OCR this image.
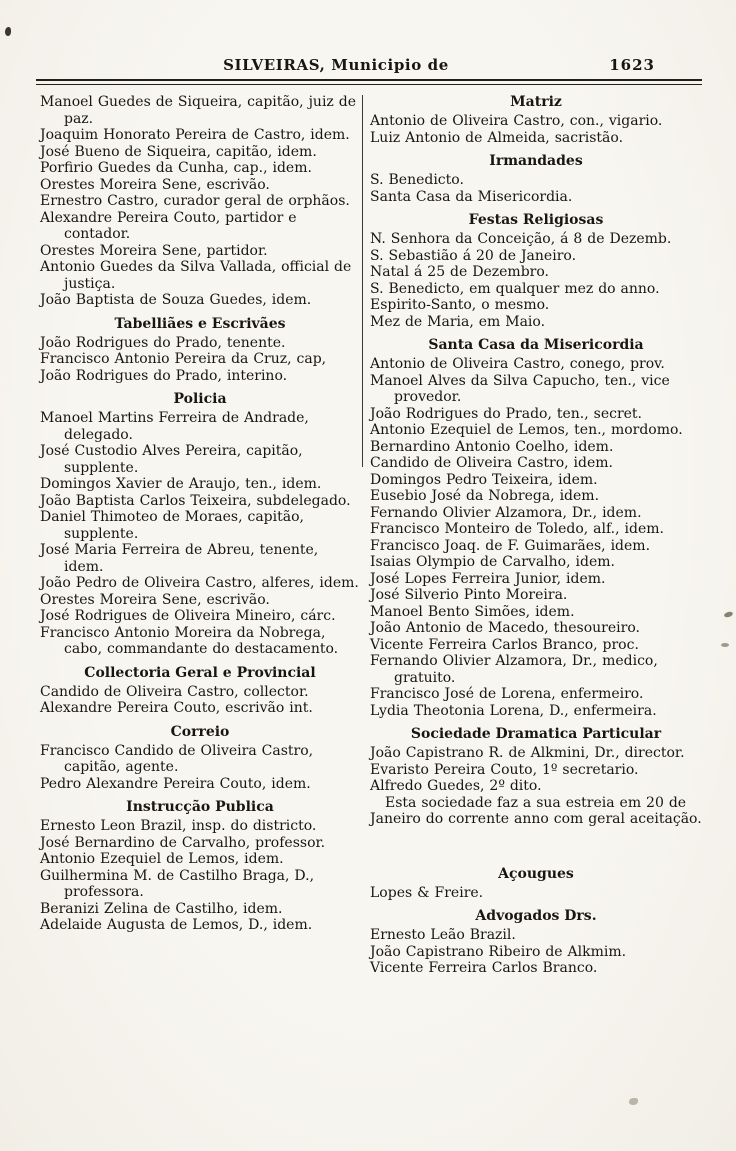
SILVEIRAS, Municipio de	1623

Manoel Guedes de Siqueira, capitão, juiz de paz.

Joaquim Honorato Pereira de Castro, idem.

José Bueno de Siqueira, capitão, idem.

Porfirio Guedes da Cunha, cap., idem.

Orestes Moreira Sene, escrivão.

Ernestro Castro, curador geral de orphãos.

Alexandre Pereira Couto, partidor e contador.

Orestes Moreira Sene, partidor.

Antonio Guedes da Silva Vallada, official de justiça.

João Baptista de Souza Guedes, idem.

Tabelliães e Escrivães

João Rodrigues do Prado, tenente.

Francisco Antonio Pereira da Cruz, cap,

João Rodrigues do Prado, interino.

Policia

Manoel Martins Ferreira de Andrade, delegado.

José Custodio Alves Pereira, capitão, supplente.

Domingos Xavier de Araujo, ten., idem.

João Baptista Carlos Teixeira, subdelegado.

Daniel Thimoteo de Moraes, capitão, supplente.

José Maria Ferreira de Abreu, tenente, idem.

João Pedro de Oliveira Castro, alferes, idem.

Orestes Moreira Sene, escrivão.

José Rodrigues de Oliveira Mineiro, cárc.

Francisco Antonio Moreira da Nobrega, cabo, commandante do destacamento.

Collectoria Geral e Provincial

Candido de Oliveira Castro, collector.

Alexandre Pereira Couto, escrivão int.

Correio

Francisco Candido de Oliveira Castro, capitão, agente.

Pedro Alexandre Pereira Couto, idem.

Instrucção Publica

Ernesto Leon Brazil, insp. do districto.

José Bernardino de Carvalho, professor.

Antonio Ezequiel de Lemos, idem.

Guilhermina M. de Castilho Braga, D., professora.

Beranizi Zelina de Castilho, idem.

Adelaide Augusta de Lemos, D., idem.

Matriz

Antonio de Oliveira Castro, con., vigario.

Luiz Antonio de Almeida, sacristão.

Irmandades

S. Benedicto.

Santa Casa da Misericordia.

Festas Religiosas

N. Senhora da Conceição, á 8 de Dezemb.

S. Sebastião á 20 de Janeiro.

Natal á 25 de Dezembro.

S. Benedicto, em qualquer mez do anno.

Espirito-Santo, o mesmo.

Mez de Maria, em Maio.

Santa Casa da Misericordia

Antonio de Oliveira Castro, conego, prov.

Manoel Alves da Silva Capucho, ten., vice provedor.

João Rodrigues do Prado, ten., secret.

Antonio Ezequiel de Lemos, ten., mordomo.

Bernardino Antonio Coelho, idem.

Candido de Oliveira Castro, idem.

Domingos Pedro Teixeira, idem.

Eusebio José da Nobrega, idem.

Fernando Olivier Alzamora, Dr., idem.

Francisco Monteiro de Toledo, alf., idem.

Francisco Joaq. de F. Guimarães, idem.

Isaias Olympio de Carvalho, idem.

José Lopes Ferreira Junior, idem.

José Silverio Pinto Moreira.

Manoel Bento Simões, idem.

João Antonio de Macedo, thesoureiro.

Vicente Ferreira Carlos Branco, proc.

Fernando Olivier Alzamora, Dr., medico, gratuito.

Francisco José de Lorena, enfermeiro.

Lydia Theotonia Lorena, D., enfermeira.

Sociedade Dramatica Particular

João Capistrano R. de Alkmini, Dr., director.

Evaristo Pereira Couto, 1º secretario.

Alfredo Guedes, 2º dito.

Esta sociedade faz a sua estreia em 20 de Janeiro do corrente anno com geral aceitação.

Açougues

Lopes & Freire.

Advogados Drs.

Ernesto Leão Brazil.

João Capistrano Ribeiro de Alkmim.

Vicente Ferreira Carlos Branco.
